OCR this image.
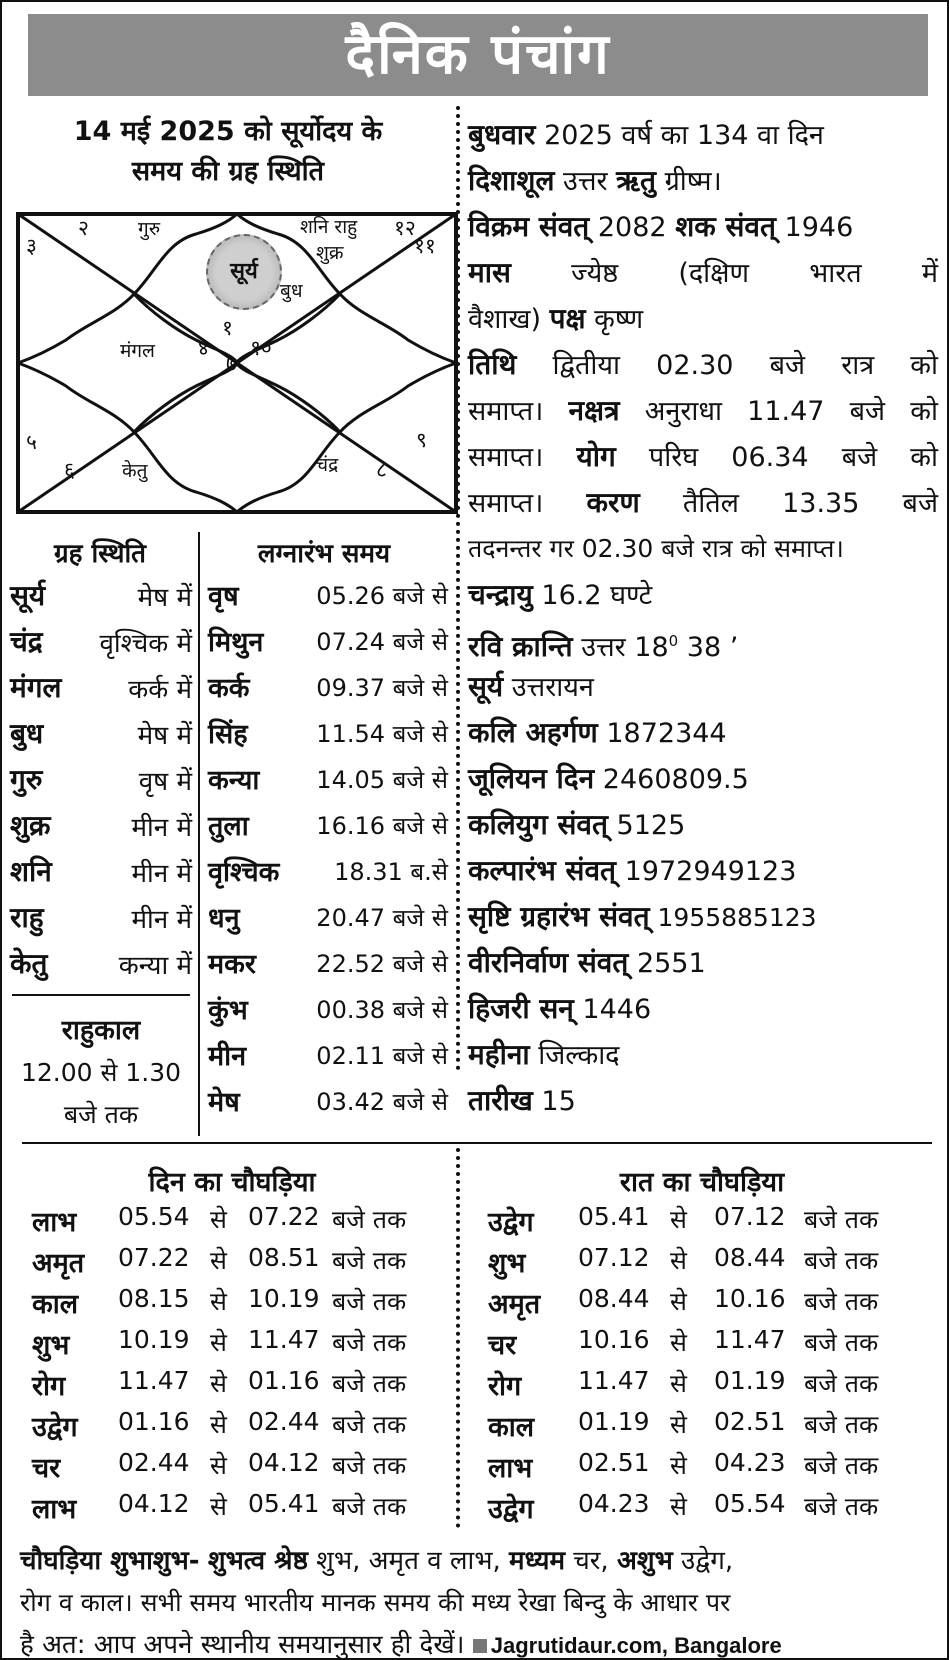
दैनिक पंचांग
14 मई 2025 को सूर्योदय के
समय की ग्रह स्थिति
सूर्य
२
३
१२
११
१
४ १०
७
५
६
९
८
गुरु	शनि राहु
शुक्र
बुध
मंगल
केतु	चंद्र
ग्रह स्थिति	लग्नारंभ समय
सूर्य	मेष में
चंद्र वृश्चिक में
मंगल	कर्क में
बुध	मेष में
गुरु	वृष में
शुक्र	मीन में
शनि	मीन में
राहु	मीन में
केतु	कन्या में
राहुकाल
12.00 से 1.30
बजे तक
वृष	05.26 बजे से
मिथुन 07.24 बजे से
कर्क	09.37 बजे से
सिंह	11.54 बजे से
कन्या 14.05 बजे से
तुला	16.16 बजे से
वृश्चिक 18.31 ब.से
धनु	20.47 बजे से
मकर	22.52 बजे से
कुंभ	00.38 बजे से
मीन	02.11 बजे से
मेष	03.42 बजे से
बुधवार 2025 वर्ष का 134 वा दिन
दिशाशूल उत्तर ऋतु ग्रीष्म।
विक्रम संवत् 2082 शक संवत् 1946
मास ज्येष्ठ (दक्षिण भारत में
वैशाख) पक्ष कृष्ण
तिथि द्वितीया 02.30 बजे रात्र को
समाप्त। नक्षत्र अनुराधा 11.47 बजे को
समाप्त। योग परिघ 06.34 बजे को
समाप्त। करण तैतिल 13.35 बजे
तदनन्तर गर 02.30 बजे रात्र को समाप्त।
चन्द्रायु 16.2 घण्टे
रवि क्रान्ति उत्तर $18^0$ 38 ’
सूर्य उत्तरायन
कलि अहर्गण 1872344
जूलियन दिन 2460809.5
कलियुग संवत् 5125
कल्पारंभ संवत् 1972949123
सृष्टि ग्रहारंभ संवत् 1955885123
वीरनिर्वाण संवत् 2551
हिजरी सन् 1446
महीना जिल्काद
तारीख 15
दिन का चौघड़िया	रात का चौघड़िया
लाभ 05.54 से 07.22 बजे तक
अमृत 07.22 से 08.51 बजे तक
काल 08.15 से 10.19 बजे तक
शुभ 10.19 से 11.47 बजे तक
रोग 11.47 से 01.16 बजे तक
उद्वेग 01.16 से 02.44 बजे तक
चर 02.44 से 04.12 बजे तक
लाभ 04.12 से 05.41 बजे तक
उद्वेग 05.41 से 07.12 बजे तक
शुभ 07.12 से 08.44 बजे तक
अमृत 08.44 से 10.16 बजे तक
चर 10.16 से 11.47 बजे तक
रोग 11.47 से 01.19 बजे तक
काल 01.19 से 02.51 बजे तक
लाभ 02.51 से 04.23 बजे तक
उद्वेग 04.23 से 05.54 बजे तक
चौघड़िया शुभाशुभ- शुभत्व श्रेष्ठ शुभ, अमृत व लाभ, मध्यम चर, अशुभ उद्वेग,
रोग व काल। सभी समय भारतीय मानक समय की मध्य रेखा बिन्दु के आधार पर
है अत: आप अपने स्थानीय समयानुसार ही देखें। Jagrutidaur.com, Bangalore
